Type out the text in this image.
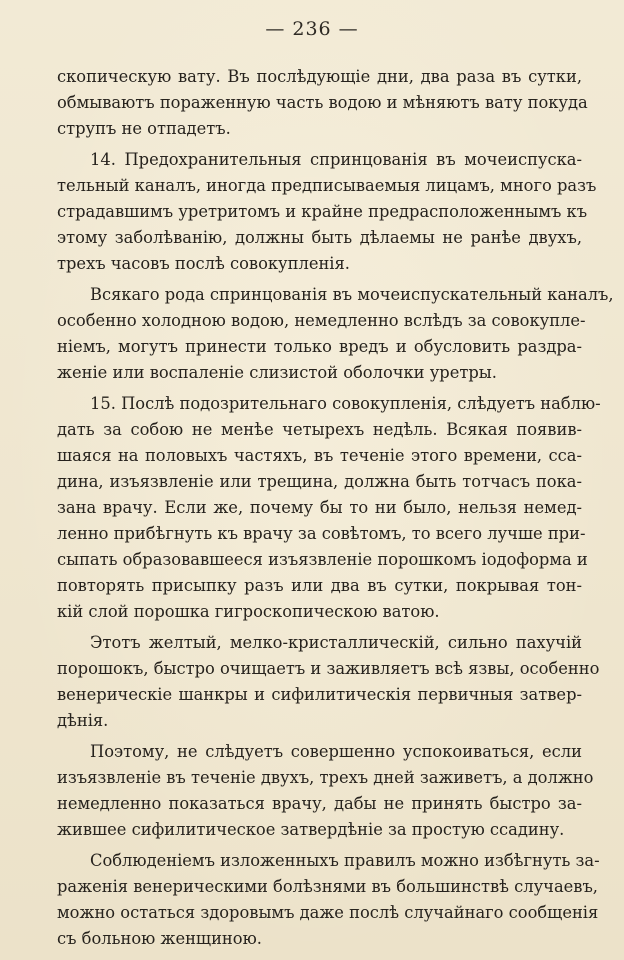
— 236 —
скопическую вату. Въ послѣдующіе дни, два раза въ сутки,
обмываютъ пораженную часть водою и мѣняютъ вату покуда
струпъ не отпадетъ.
14. Предохранительныя спринцованія въ мочеиспуска-
тельный каналъ, иногда предписываемыя лицамъ, много разъ
страдавшимъ уретритомъ и крайне предрасположеннымъ къ
этому заболѣванію, должны быть дѣлаемы не ранѣе двухъ,
трехъ часовъ послѣ совокупленія.
Всякаго рода спринцованія въ мочеиспускательный каналъ,
особенно холодною водою, немедленно вслѣдъ за совокупле-
ніемъ, могутъ принести только вредъ и обусловить раздра-
женіе или воспаленіе слизистой оболочки уретры.
15. Послѣ подозрительнаго совокупленія, слѣдуетъ наблю-
дать за собою не менѣе четырехъ недѣль. Всякая появив-
шаяся на половыхъ частяхъ, въ теченіе этого времени, сса-
дина, изъязвленіе или трещина, должна быть тотчасъ пока-
зана врачу. Если же, почему бы то ни было, нельзя немед-
ленно прибѣгнуть къ врачу за совѣтомъ, то всего лучше при-
сыпать образовавшееся изъязвленіе порошкомъ іодоформа и
повторять присыпку разъ или два въ сутки, покрывая тон-
кій слой порошка гигроскопическою ватою.
Этотъ желтый, мелко-кристаллическій, сильно пахучій
порошокъ, быстро очищаетъ и заживляетъ всѣ язвы, особенно
венерическіе шанкры и сифилитическія первичныя затвер-
дѣнія.
Поэтому, не слѣдуетъ совершенно успокоиваться, если
изъязвленіе въ теченіе двухъ, трехъ дней заживетъ, а должно
немедленно показаться врачу, дабы не принять быстро за-
жившее сифилитическое затвердѣніе за простую ссадину.
Соблюденіемъ изложенныхъ правилъ можно избѣгнуть за-
раженія венерическими болѣзнями въ большинствѣ случаевъ,
можно остаться здоровымъ даже послѣ случайнаго сообщенія
съ больною женщиною.
